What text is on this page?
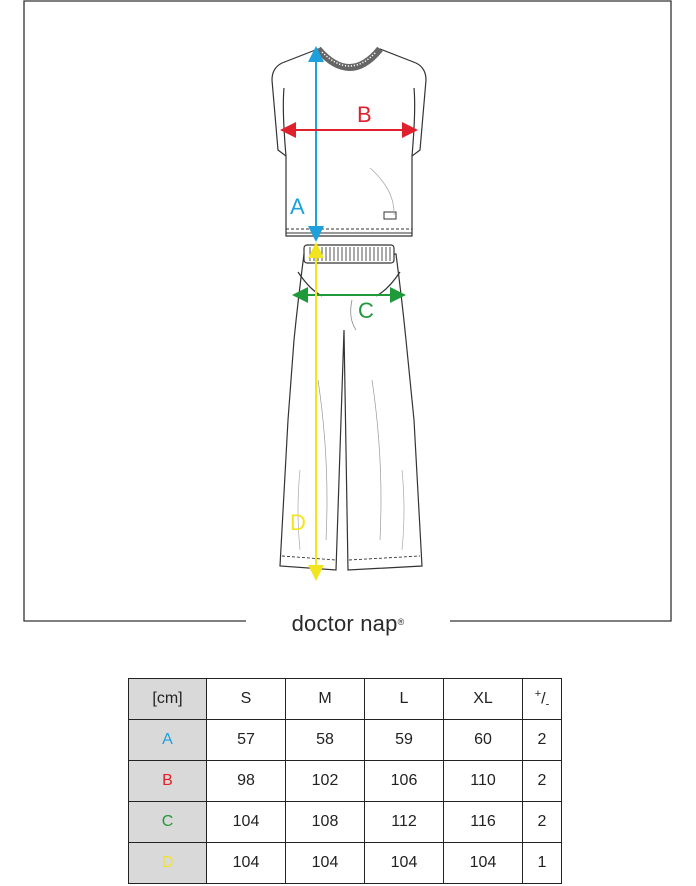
A
B
C
D
doctor nap®
[cm]	S	M	L	XL	$^+/_-$
A	57	58	59	60	2
B	98	102	106	110	2
C	104	108	112	116	2
D	104	104	104	104	1
